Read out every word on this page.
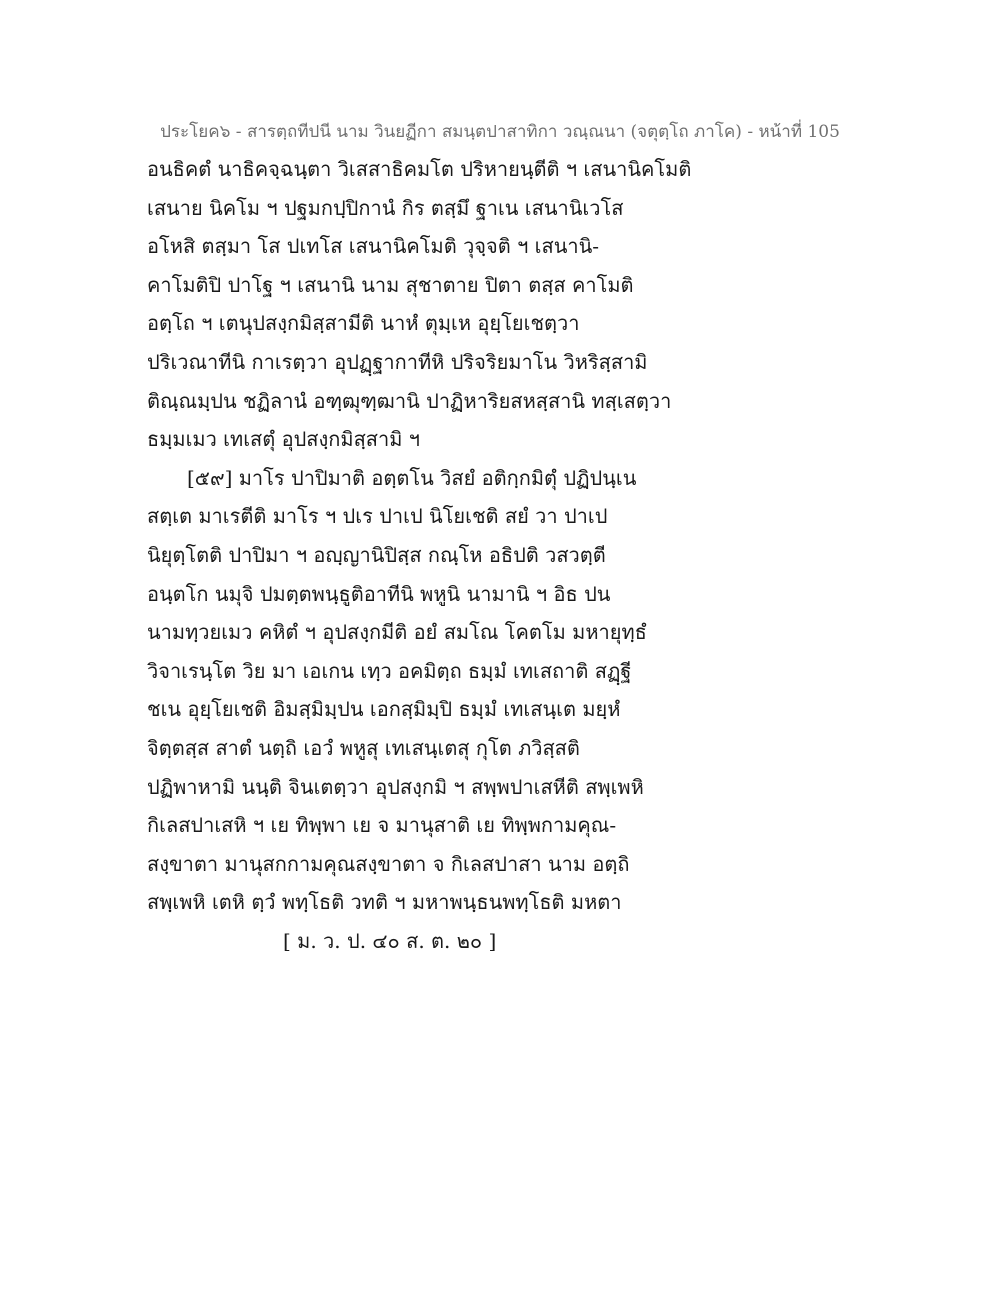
ประโยค๖ - สารตฺถทีปนี นาม วินยฏีกา สมนฺตปาสาทิกา วณฺณนา (จตุตฺโถ ภาโค) - หน้าที่ 105
อนธิคตํ นาธิคจฺฉนฺตา วิเสสาธิคมโต ปริหายนฺตีติ ฯ เสนานิคโมติ
เสนาย นิคโม ฯ ปฐมกปฺปิกานํ กิร ตสฺมึ ฐาเน เสนานิเวโส
อโหสิ ตสฺมา โส ปเทโส เสนานิคโมติ วุจฺจติ ฯ เสนานิ-
คาโมติปิ ปาโฐ ฯ เสนานิ นาม สุชาตาย ปิตา ตสฺส คาโมติ
อตฺโถ ฯ เตนุปสงฺกมิสฺสามีติ นาหํ ตุมฺเห อุยฺโยเชตฺวา
ปริเวณาทีนิ กาเรตฺวา อุปฏฺฐากาทีหิ ปริจริยมาโน วิหริสฺสามิ
ติณฺณมฺปน ชฏิลานํ อฑฺฒุฑฺฒานิ ปาฏิหาริยสหสฺสานิ ทสฺเสตฺวา
ธมฺมเมว เทเสตุํ อุปสงฺกมิสฺสามิ ฯ
[๕๙] มาโร ปาปิมาติ อตฺตโน วิสยํ อติกฺกมิตุํ ปฏิปนฺเน
สตฺเต มาเรตีติ มาโร ฯ ปเร ปาเป นิโยเชติ สยํ วา ปาเป
นิยุตฺโตติ ปาปิมา ฯ อญฺญานิปิสฺส กณฺโห อธิปติ วสวตฺตี
อนฺตโก นมุจิ ปมตฺตพนฺธูติอาทีนิ พหูนิ นามานิ ฯ อิธ ปน
นามทฺวยเมว คหิตํ ฯ อุปสงฺกมีติ อยํ สมโณ โคตโม มหายุทฺธํ
วิจาเรนฺโต วิย มา เอเกน เทฺว อคมิตฺถ ธมฺมํ เทเสถาติ สฏฺฐี
ชเน อุยฺโยเชติ อิมสฺมิมฺปน เอกสฺมิมฺปิ ธมฺมํ เทเสนฺเต มยฺหํ
จิตฺตสฺส สาตํ นตฺถิ เอวํ พหูสุ เทเสนฺเตสุ กุโต ภวิสฺสติ
ปฏิพาหามิ นนฺติ จินเตตฺวา อุปสงฺกมิ ฯ สพฺพปาเสหีติ สพฺเพหิ
กิเลสปาเสหิ ฯ เย ทิพฺพา เย จ มานุสาติ เย ทิพฺพกามคุณ-
สงฺขาตา มานุสกกามคุณสงฺขาตา จ กิเลสปาสา นาม อตฺถิ
สพฺเพหิ เตหิ ตฺวํ พทฺโธติ วทติ ฯ มหาพนฺธนพทฺโธติ มหตา
[ ม. ว. ป. ๔๐ ส. ต. ๒๐ ]
